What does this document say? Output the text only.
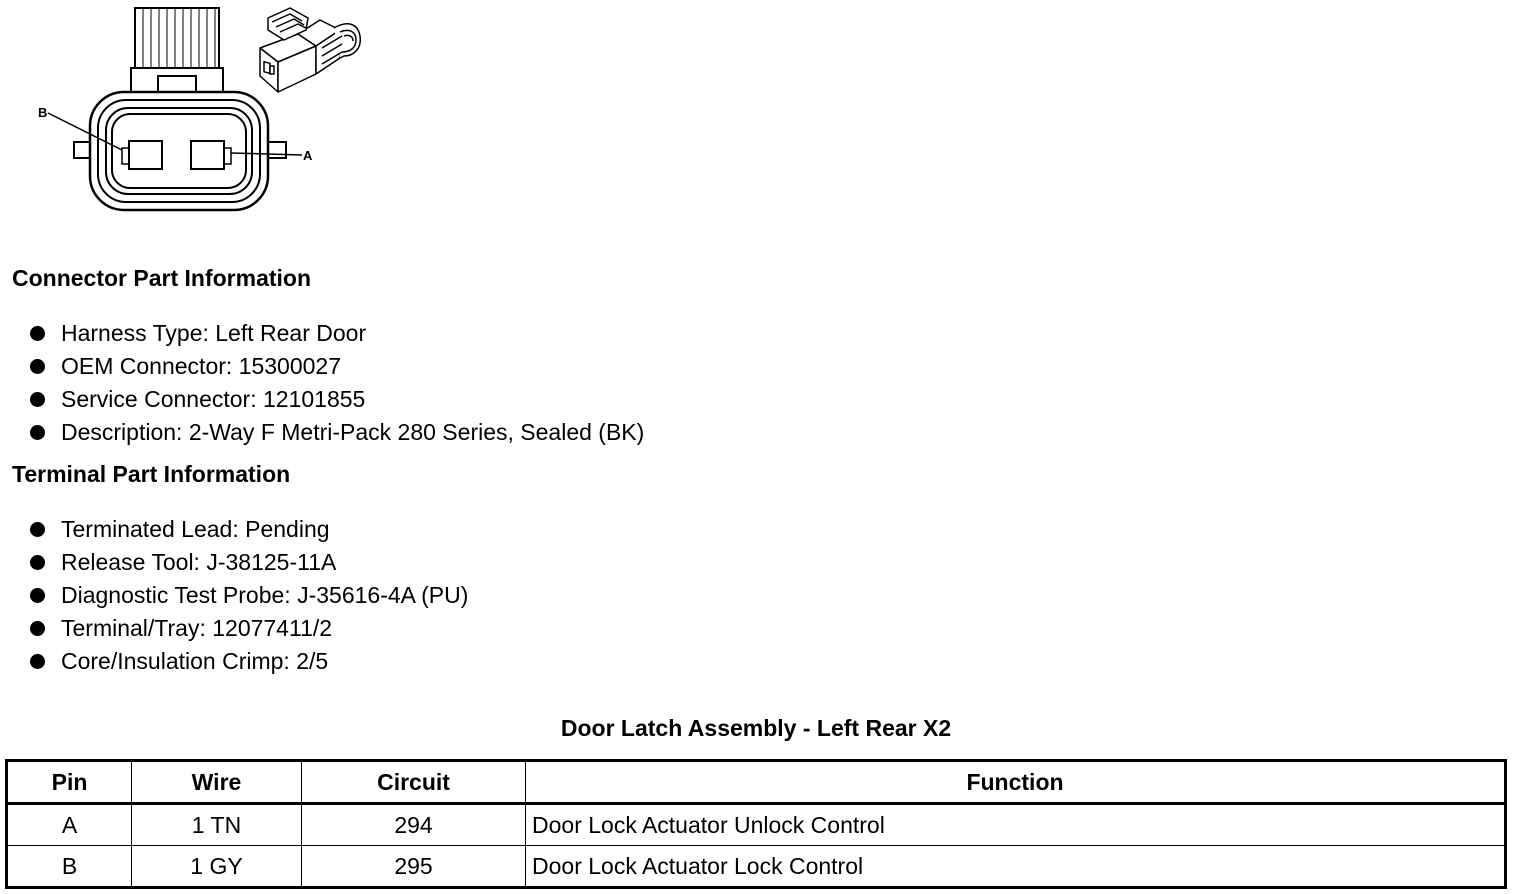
B
A
Connector Part Information
Harness Type: Left Rear Door
OEM Connector: 15300027
Service Connector: 12101855
Description: 2-Way F Metri-Pack 280 Series, Sealed (BK)
Terminal Part Information
Terminated Lead: Pending
Release Tool: J-38125-11A
Diagnostic Test Probe: J-35616-4A (PU)
Terminal/Tray: 12077411/2
Core/Insulation Crimp: 2/5
Door Latch Assembly - Left Rear X2
Pin	Wire	Circuit	Function
A	1 TN	294	Door Lock Actuator Unlock Control
B	1 GY	295	Door Lock Actuator Lock Control
